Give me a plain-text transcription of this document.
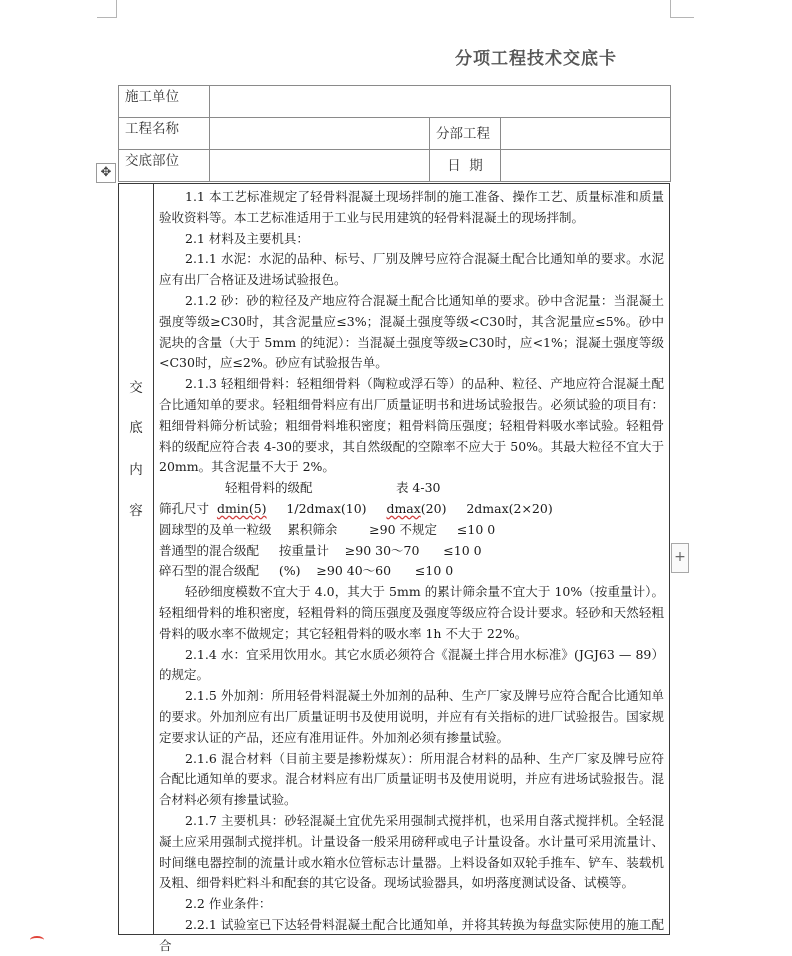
分项工程技术交底卡
施工单位			
工程名称		分部工程	
交底部位		日  期	
✥
交
底
内
容

1.1 本工艺标准规定了轻骨料混凝土现场拌制的施工准备、操作工艺、质量标准和质量验收资料等。本工艺标准适用于工业与民用建筑的轻骨料混凝土的现场拌制。

2.1 材料及主要机具：

2.1.1 水泥：水泥的品种、标号、厂别及牌号应符合混凝土配合比通知单的要求。水泥应有出厂合格证及进场试验报色。

2.1.2 砂：砂的粒径及产地应符合混凝土配合比通知单的要求。砂中含泥量：当混凝土强度等级≥C30时，其含泥量应≤3%；混凝土强度等级<C30时，其含泥量应≤5%。砂中泥块的含量（大于 5mm 的纯泥）：当混凝土强度等级≥C30时，应<1%；混凝土强度等级<C30时，应≤2%。砂应有试验报告单。

2.1.3 轻粗细骨料：轻粗细骨料（陶粒或浮石等）的品种、粒径、产地应符合混凝土配合比通知单的要求。轻粗细骨料应有出厂质量证明书和进场试验报告。必须试验的项目有：粗细骨料筛分析试验；粗细骨料堆积密度；粗骨料筒压强度；轻粗骨料吸水率试验。轻粗骨料的级配应符合表 4-30的要求，其自然级配的空隙率不应大于 50%。其最大粒径不宜大于 20mm。其含泥量不大于 2%。

轻粗骨料的级配                     表 4-30

筛孔尺寸  dmin(5)     1/2dmax(10)     dmax(20)     2dmax(2×20)

圆球型的及单一粒级    累积筛余        ≥90 不规定     ≤10 0

普通型的混合级配     按重量计    ≥90 30～70      ≤10 0

碎石型的混合级配     (%)    ≥90 40～60      ≤10 0

轻砂细度模数不宜大于 4.0，其大于 5mm 的累计筛余量不宜大于 10%（按重量计）。轻粗细骨料的堆积密度，轻粗骨料的筒压强度及强度等级应符合设计要求。轻砂和天然轻粗骨料的吸水率不做规定；其它轻粗骨料的吸水率 1h 不大于 22%。

2.1.4 水：宜采用饮用水。其它水质必须符合《混凝土拌合用水标准》(JGJ63 — 89）的规定。

2.1.5 外加剂：所用轻骨料混凝土外加剂的品种、生产厂家及牌号应符合配合比通知单的要求。外加剂应有出厂质量证明书及使用说明，并应有有关指标的进厂试验报告。国家规定要求认证的产品，还应有准用证件。外加剂必须有掺量试验。

2.1.6 混合材料（目前主要是掺粉煤灰）：所用混合材料的品种、生产厂家及牌号应符合配比通知单的要求。混合材料应有出厂质量证明书及使用说明，并应有进场试验报告。混合材料必须有掺量试验。

2.1.7 主要机具：砂轻混凝土宜优先采用强制式搅拌机，也采用自落式搅拌机。全轻混凝土应采用强制式搅拌机。计量设备一般采用磅秤或电子计量设备。水计量可采用流量计、时间继电器控制的流量计或水箱水位管标志计量器。上料设备如双轮手推车、铲车、装载机及粗、细骨料贮料斗和配套的其它设备。现场试验器具，如坍落度测试设备、试模等。

2.2 作业条件：

2.2.1 试验室已下达轻骨料混凝土配合比通知单，并将其转换为每盘实际使用的施工配合

+
